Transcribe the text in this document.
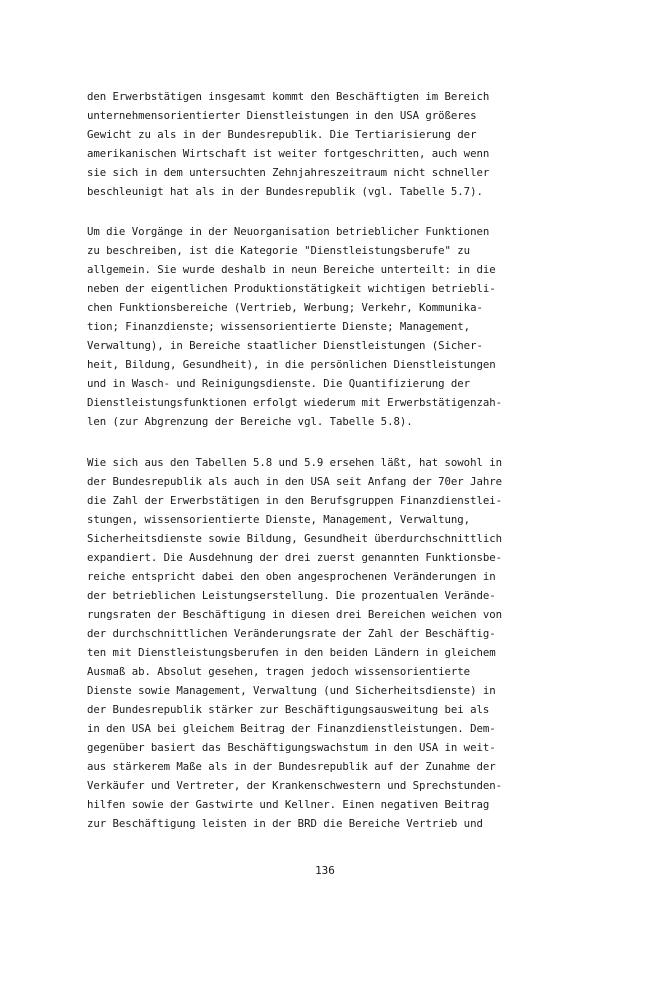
den Erwerbstätigen insgesamt kommt den Beschäftigten im Bereich
unternehmensorientierter Dienstleistungen in den USA größeres
Gewicht zu als in der Bundesrepublik. Die Tertiarisierung der
amerikanischen Wirtschaft ist weiter fortgeschritten, auch wenn
sie sich in dem untersuchten Zehnjahreszeitraum nicht schneller
beschleunigt hat als in der Bundesrepublik (vgl. Tabelle 5.7).
Um die Vorgänge in der Neuorganisation betrieblicher Funktionen
zu beschreiben, ist die Kategorie "Dienstleistungsberufe" zu
allgemein. Sie wurde deshalb in neun Bereiche unterteilt: in die
neben der eigentlichen Produktionstätigkeit wichtigen betriebli-
chen Funktionsbereiche (Vertrieb, Werbung; Verkehr, Kommunika-
tion; Finanzdienste; wissensorientierte Dienste; Management,
Verwaltung), in Bereiche staatlicher Dienstleistungen (Sicher-
heit, Bildung, Gesundheit), in die persönlichen Dienstleistungen
und in Wasch- und Reinigungsdienste. Die Quantifizierung der
Dienstleistungsfunktionen erfolgt wiederum mit Erwerbstätigenzah-
len (zur Abgrenzung der Bereiche vgl. Tabelle 5.8).
Wie sich aus den Tabellen 5.8 und 5.9 ersehen läßt, hat sowohl in
der Bundesrepublik als auch in den USA seit Anfang der 70er Jahre
die Zahl der Erwerbstätigen in den Berufsgruppen Finanzdienstlei-
stungen, wissensorientierte Dienste, Management, Verwaltung,
Sicherheitsdienste sowie Bildung, Gesundheit überdurchschnittlich
expandiert. Die Ausdehnung der drei zuerst genannten Funktionsbe-
reiche entspricht dabei den oben angesprochenen Veränderungen in
der betrieblichen Leistungserstellung. Die prozentualen Verände-
rungsraten der Beschäftigung in diesen drei Bereichen weichen von
der durchschnittlichen Veränderungsrate der Zahl der Beschäftig-
ten mit Dienstleistungsberufen in den beiden Ländern in gleichem
Ausmaß ab. Absolut gesehen, tragen jedoch wissensorientierte
Dienste sowie Management, Verwaltung (und Sicherheitsdienste) in
der Bundesrepublik stärker zur Beschäftigungsausweitung bei als
in den USA bei gleichem Beitrag der Finanzdienstleistungen. Dem-
gegenüber basiert das Beschäftigungswachstum in den USA in weit-
aus stärkerem Maße als in der Bundesrepublik auf der Zunahme der
Verkäufer und Vertreter, der Krankenschwestern und Sprechstunden-
hilfen sowie der Gastwirte und Kellner. Einen negativen Beitrag
zur Beschäftigung leisten in der BRD die Bereiche Vertrieb und
136
